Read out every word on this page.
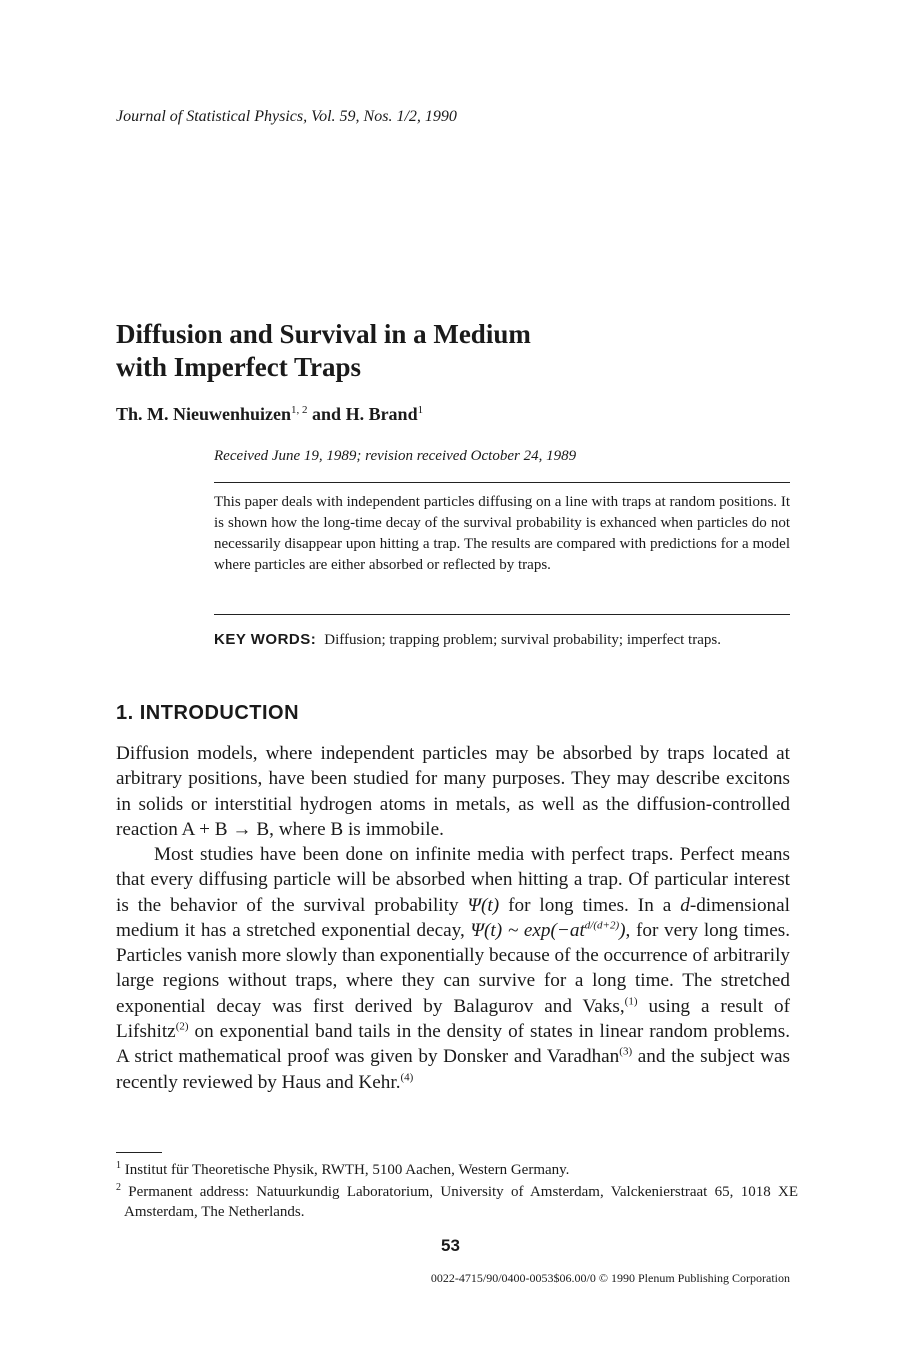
Journal of Statistical Physics, Vol. 59, Nos. 1/2, 1990
Diffusion and Survival in a Medium
with Imperfect Traps
Th. M. Nieuwenhuizen$^{1, 2}$ and H. Brand$^1$
Received June 19, 1989; revision received October 24, 1989

This paper deals with independent particles diffusing on a line with traps at random positions. It is shown how the long-time decay of the survival probability is exhanced when particles do not necessarily disappear upon hitting a trap. The results are compared with predictions for a model where particles are either absorbed or reflected by traps.

KEY WORDS: Diffusion; trapping problem; survival probability; imperfect traps.

1. INTRODUCTION

Diffusion models, where independent particles may be absorbed by traps located at arbitrary positions, have been studied for many purposes. They may describe excitons in solids or interstitial hydrogen atoms in metals, as well as the diffusion-controlled reaction A + B → B, where B is immobile.

Most studies have been done on infinite media with perfect traps. Perfect means that every diffusing particle will be absorbed when hitting a trap. Of particular interest is the behavior of the survival probability Ψ(t) for long times. In a d-dimensional medium it has a stretched exponential decay, Ψ(t) ~ $\exp(-at^{d/(d+2)})$, for very long times. Particles vanish more slowly than exponentially because of the occurrence of arbitrarily large regions without traps, where they can survive for a long time. The stretched exponential decay was first derived by Balagurov and Vaks,$^{(1)}$ using a result of Lifshitz$^{(2)}$ on exponential band tails in the density of states in linear random problems. A strict mathematical proof was given by Donsker and Varadhan$^{(3)}$ and the subject was recently reviewed by Haus and Kehr.$^{(4)}$

$^1$ Institut für Theoretische Physik, RWTH, 5100 Aachen, Western Germany.

$^2$ Permanent address: Natuurkundig Laboratorium, University of Amsterdam, Valckenierstraat 65, 1018 XE Amsterdam, The Netherlands.

53
0022-4715/90/0400-0053$06.00/0 © 1990 Plenum Publishing Corporation
